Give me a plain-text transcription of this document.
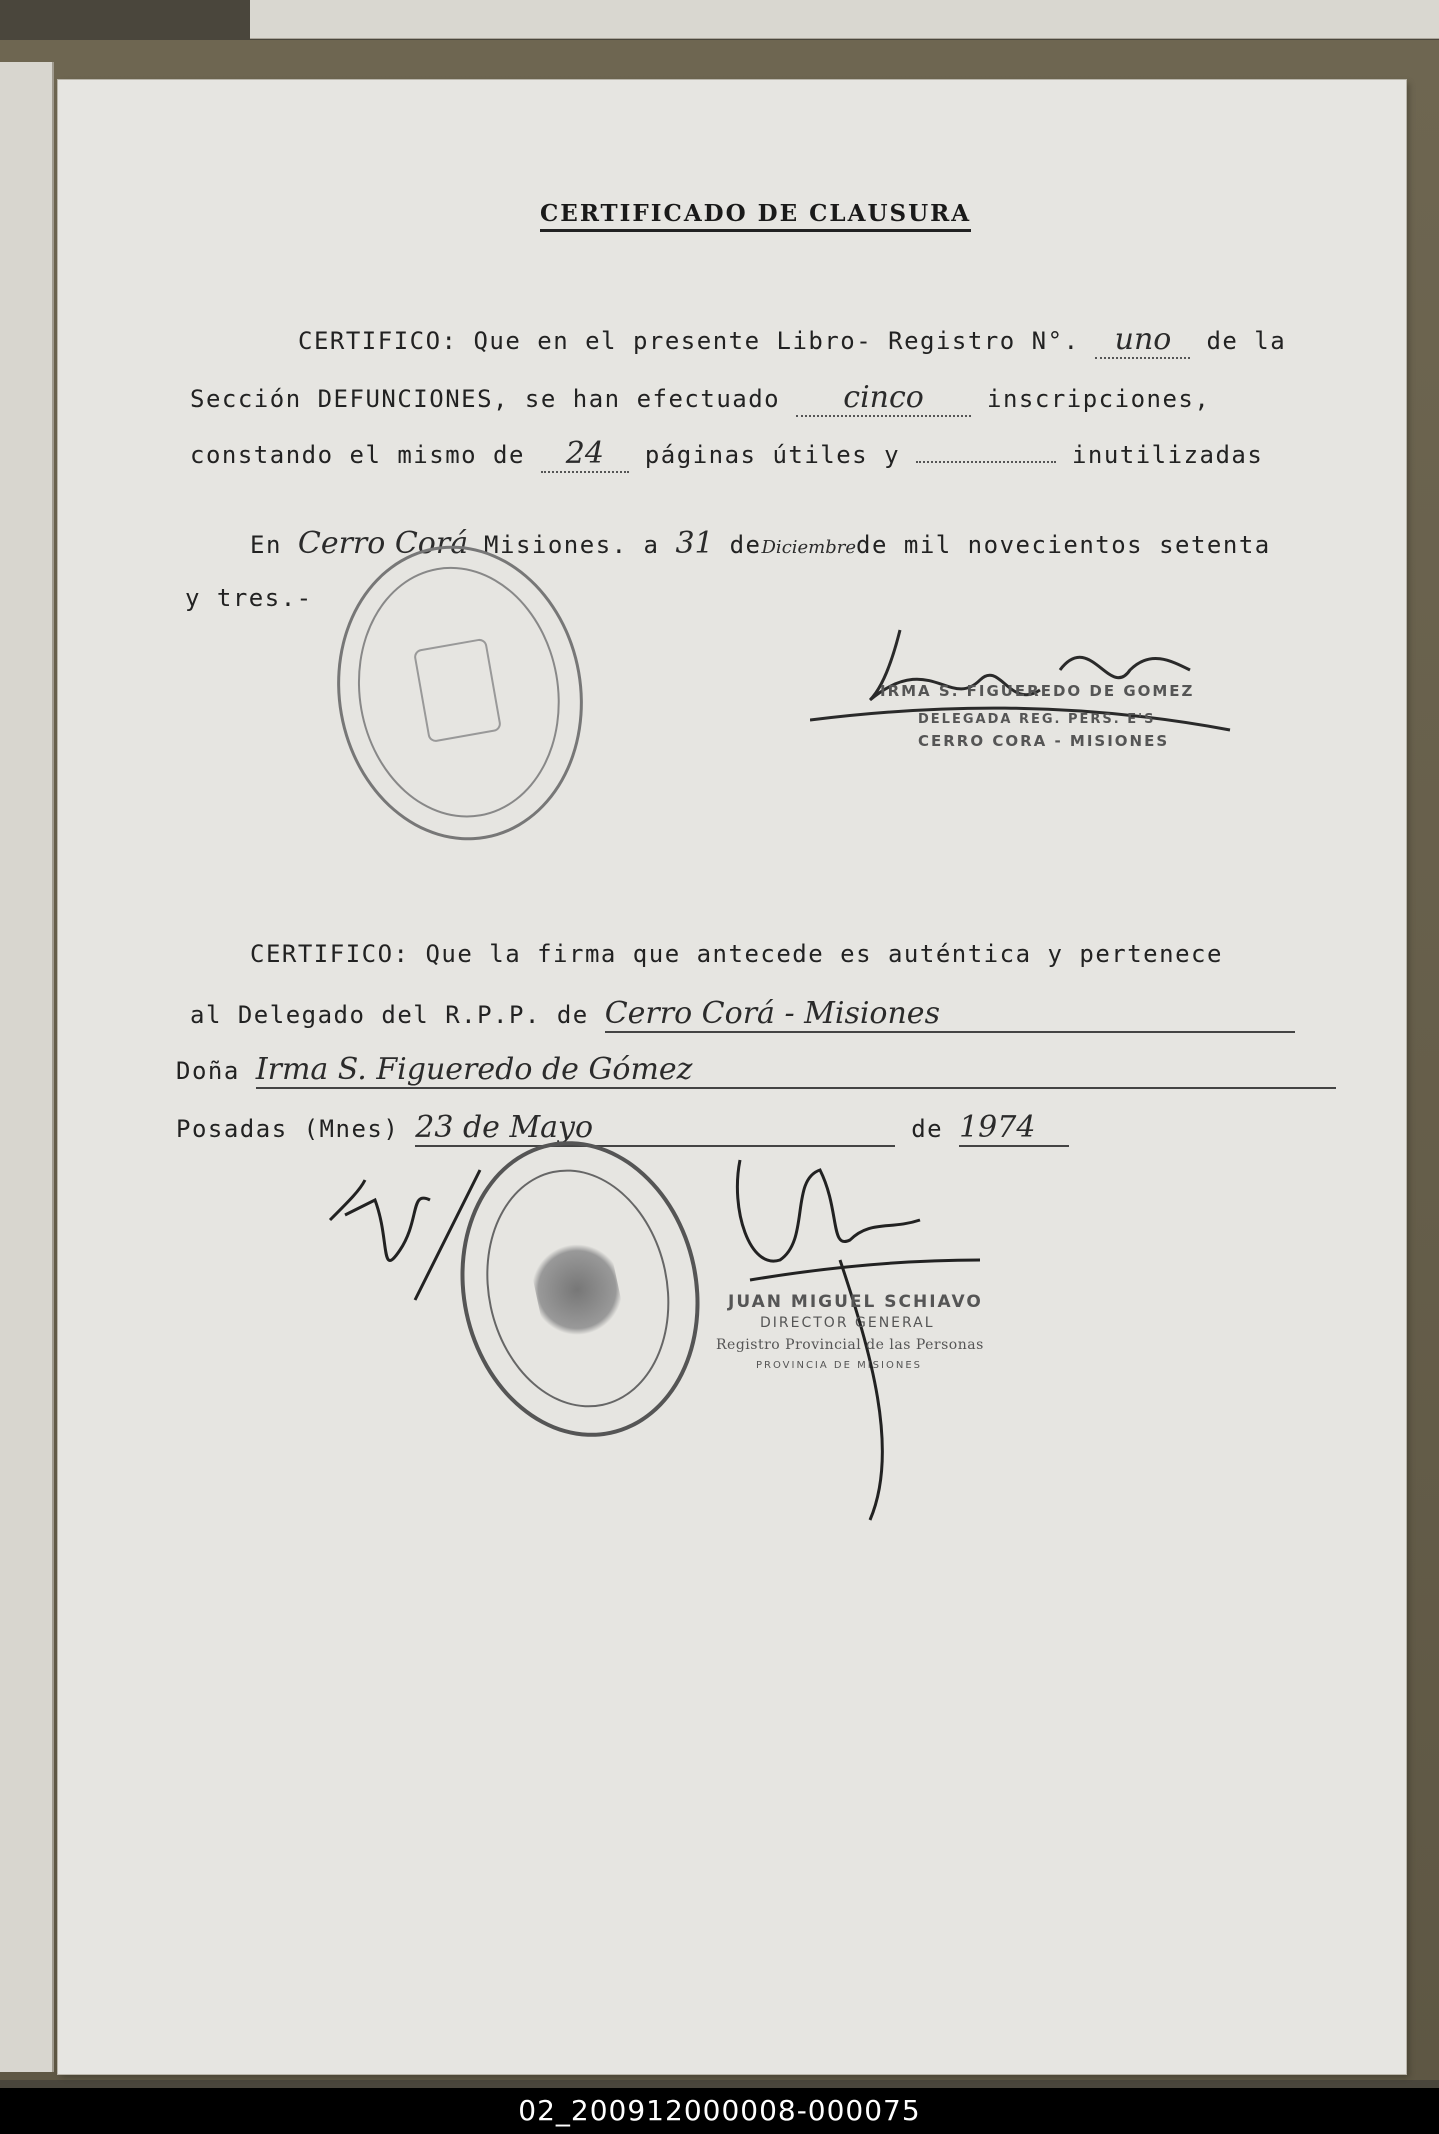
CERTIFICADO DE CLAUSURA
CERTIFICO: Que en el presente Libro- Registro N°. uno de la
Sección DEFUNCIONES, se han efectuado cinco	inscripciones,
constando el mismo de 24 páginas útiles y	inutilizadas
En Cerro Corá Misiones. a 31 deDiciembrede mil novecientos setenta
y tres.-
IRMA S. FIGUEREDO DE GOMEZ
DELEGADA REG. PERS. E'S
CERRO CORA - MISIONES
CERTIFICO: Que la firma que antecede es auténtica y pertenece
al Delegado del R.P.P. de Cerro Corá - Misiones
Doña Irma S. Figueredo de Gómez
Posadas (Mnes) 23 de Mayo	de 1974
JUAN MIGUEL SCHIAVO
DIRECTOR GENERAL
Registro Provincial de las Personas
PROVINCIA DE MISIONES
02_200912000008-000075
